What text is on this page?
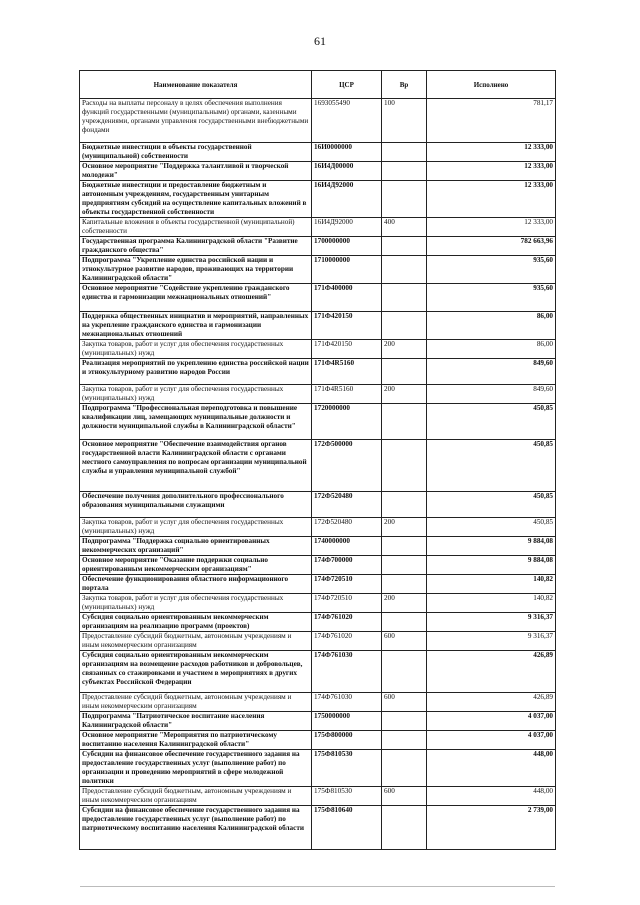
61
Наименование показателя	ЦСР	Вр	Исполнено
Расходы на выплаты персоналу в целях обеспечения выполнения функций государственными (муниципальными) органами, казенными учреждениями, органами управления государственными внебюджетными фондами	1693055490	100	781,17
Бюджетные инвестиции в объекты государственной (муниципальной) собственности	16И0000000		12 333,00
Основное мероприятие "Поддержка талантливой и творческой молодежи"	16И4Д00000		12 333,00
Бюджетные инвестиции и предоставление бюджетным и автономным учреждениям, государственным унитарным предприятиям субсидий на осуществление капитальных вложений в объекты государственной собственности	16И4Д92000		12 333,00
Капитальные вложения в объекты государственной (муниципальной) собственности	16И4Д92000	400	12 333,00
Государственная программа Калининградской области "Развитие гражданского общества"	1700000000		782 663,96
Подпрограмма "Укрепление единства российской нации и этнокультурное развитие народов, проживающих на территории Калининградской области"	1710000000		935,60
Основное мероприятие "Содействие укреплению гражданского единства и гармонизации межнациональных отношений"	171Ф400000		935,60
Поддержка общественных инициатив и мероприятий, направленных на укрепление гражданского единства и гармонизации межнациональных отношений	171Ф420150		86,00
Закупка товаров, работ и услуг для обеспечения государственных (муниципальных) нужд	171Ф420150	200	86,00
Реализация мероприятий по укреплению единства российской нации и этнокультурному развитию народов России	171Ф4R5160		849,60
Закупка товаров, работ и услуг для обеспечения государственных (муниципальных) нужд	171Ф4R5160	200	849,60
Подпрограмма "Профессиональная переподготовка и повышение квалификации лиц, замещающих муниципальные должности и должности муниципальной службы в Калининградской области"	1720000000		450,85
Основное мероприятие "Обеспечение взаимодействия органов государственной власти Калининградской области с органами местного самоуправления по вопросам организации муниципальной службы и управления муниципальной службой"	172Ф500000		450,85
Обеспечение получения дополнительного профессионального образования муниципальными служащими	172Ф520480		450,85
Закупка товаров, работ и услуг для обеспечения государственных (муниципальных) нужд	172Ф520480	200	450,85
Подпрограмма "Поддержка социально ориентированных некоммерческих организаций"	1740000000		9 884,08
Основное мероприятие "Оказание поддержки социально ориентированным некоммерческим организациям"	174Ф700000		9 884,08
Обеспечение функционирования областного информационного портала	174Ф720510		140,82
Закупка товаров, работ и услуг для обеспечения государственных (муниципальных) нужд	174Ф720510	200	140,82
Субсидия социально ориентированным некоммерческим организациям на реализацию программ (проектов)	174Ф761020		9 316,37
Предоставление субсидий бюджетным, автономным учреждениям и иным некоммерческим организациям	174Ф761020	600	9 316,37
Субсидия социально ориентированным некоммерческим организациям на возмещение расходов работников и добровольцев, связанных со стажировками и участием в мероприятиях в других субъектах Российской Федерации	174Ф761030		426,89
Предоставление субсидий бюджетным, автономным учреждениям и иным некоммерческим организациям	174Ф761030	600	426,89
Подпрограмма "Патриотическое воспитание населения Калининградской области"	1750000000		4 037,00
Основное мероприятие "Мероприятия по патриотическому воспитанию населения Калининградской области"	175Ф800000		4 037,00
Субсидии на финансовое обеспечение государственного задания на предоставление государственных услуг (выполнение работ) по организации и проведению мероприятий в сфере молодежной политики	175Ф810530		448,00
Предоставление субсидий бюджетным, автономным учреждениям и иным некоммерческим организациям	175Ф810530	600	448,00
Субсидии на финансовое обеспечение государственного задания на предоставление государственных услуг (выполнение работ) по патриотическому воспитанию населения Калининградской области	175Ф810640		2 739,00
